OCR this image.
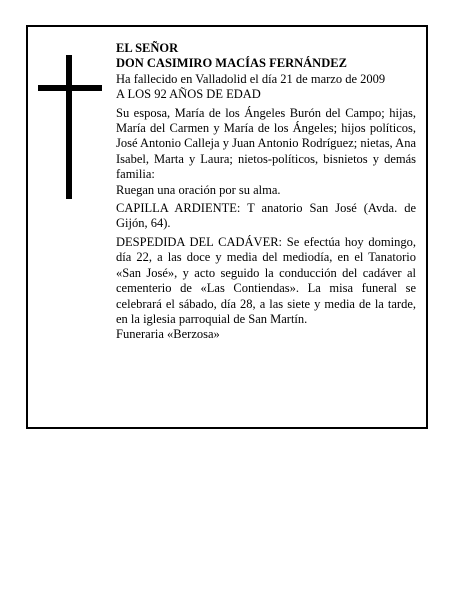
EL SEÑOR
DON CASIMIRO MACÍAS FERNÁNDEZ
Ha fallecido en Valladolid el día 21 de marzo de 2009
A LOS 92 AÑOS DE EDAD
Su esposa, María de los Ángeles Burón del Campo; hijas, María del Carmen y María de los Ángeles; hijos políticos, José Antonio Calleja y Juan Antonio Rodríguez; nietas, Ana Isabel, Marta y Laura; nietos-políticos, bisnietos y demás familia:
Ruegan una oración por su alma.
CAPILLA ARDIENTE: T anatorio San José (Avda. de Gijón, 64).
DESPEDIDA DEL CADÁVER: Se efectúa hoy domingo, día 22, a las doce y media del mediodía, en el Tanatorio «San José», y acto seguido la conducción del cadáver al cementerio de «Las Contiendas». La misa funeral se celebrará el sábado, día 28, a las siete y media de la tarde, en la iglesia parroquial de San Martín.
Funeraria «Berzosa»
